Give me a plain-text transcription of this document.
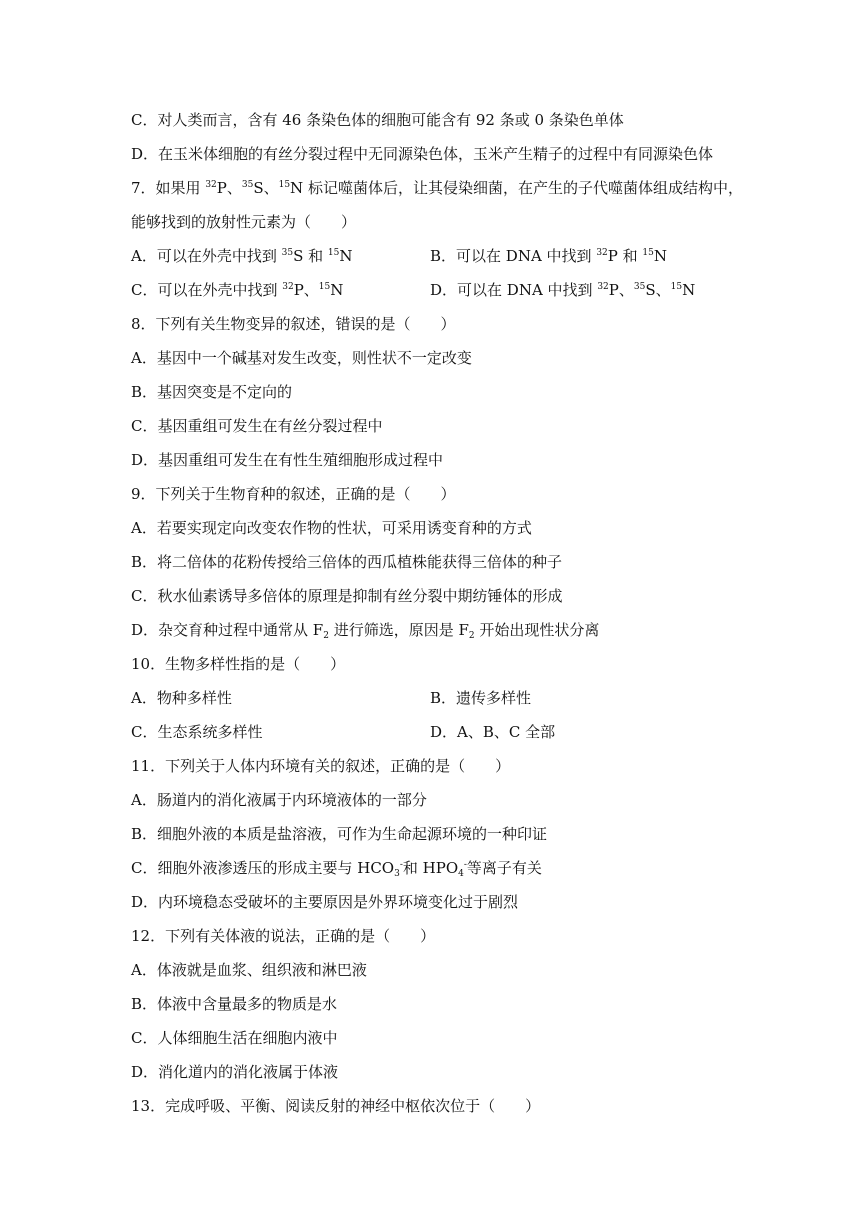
C．对人类而言，含有 46 条染色体的细胞可能含有 92 条或 0 条染色单体
D．在玉米体细胞的有丝分裂过程中无同源染色体，玉米产生精子的过程中有同源染色体
7．如果用 $^{32}$P、$^{35}$S、$^{15}$N 标记噬菌体后，让其侵染细菌，在产生的子代噬菌体组成结构中，
能够找到的放射性元素为（　　）
A．可以在外壳中找到 $^{35}$S 和 $^{15}$N	B．可以在 DNA 中找到 $^{32}$P 和 $^{15}$N
C．可以在外壳中找到 $^{32}$P、$^{15}$N	D．可以在 DNA 中找到 $^{32}$P、$^{35}$S、$^{15}$N
8．下列有关生物变异的叙述，错误的是（　　）
A．基因中一个碱基对发生改变，则性状不一定改变
B．基因突变是不定向的
C．基因重组可发生在有丝分裂过程中
D．基因重组可发生在有性生殖细胞形成过程中
9．下列关于生物育种的叙述，正确的是（　　）
A．若要实现定向改变农作物的性状，可采用诱变育种的方式
B．将二倍体的花粉传授给三倍体的西瓜植株能获得三倍体的种子
C．秋水仙素诱导多倍体的原理是抑制有丝分裂中期纺锤体的形成
D．杂交育种过程中通常从 $F_2$ 进行筛选，原因是 $F_2$ 开始出现性状分离
10．生物多样性指的是（　　）
A．物种多样性	B．遗传多样性
C．生态系统多样性	D．A、B、C 全部
11．下列关于人体内环境有关的叙述，正确的是（　　）
A．肠道内的消化液属于内环境液体的一部分
B．细胞外液的本质是盐溶液，可作为生命起源环境的一种印证
C．细胞外液渗透压的形成主要与 $HCO_3^-$和 $HPO_4^-$等离子有关
D．内环境稳态受破坏的主要原因是外界环境变化过于剧烈
12．下列有关体液的说法，正确的是（　　）
A．体液就是血浆、组织液和淋巴液
B．体液中含量最多的物质是水
C．人体细胞生活在细胞内液中
D．消化道内的消化液属于体液
13．完成呼吸、平衡、阅读反射的神经中枢依次位于（　　）
